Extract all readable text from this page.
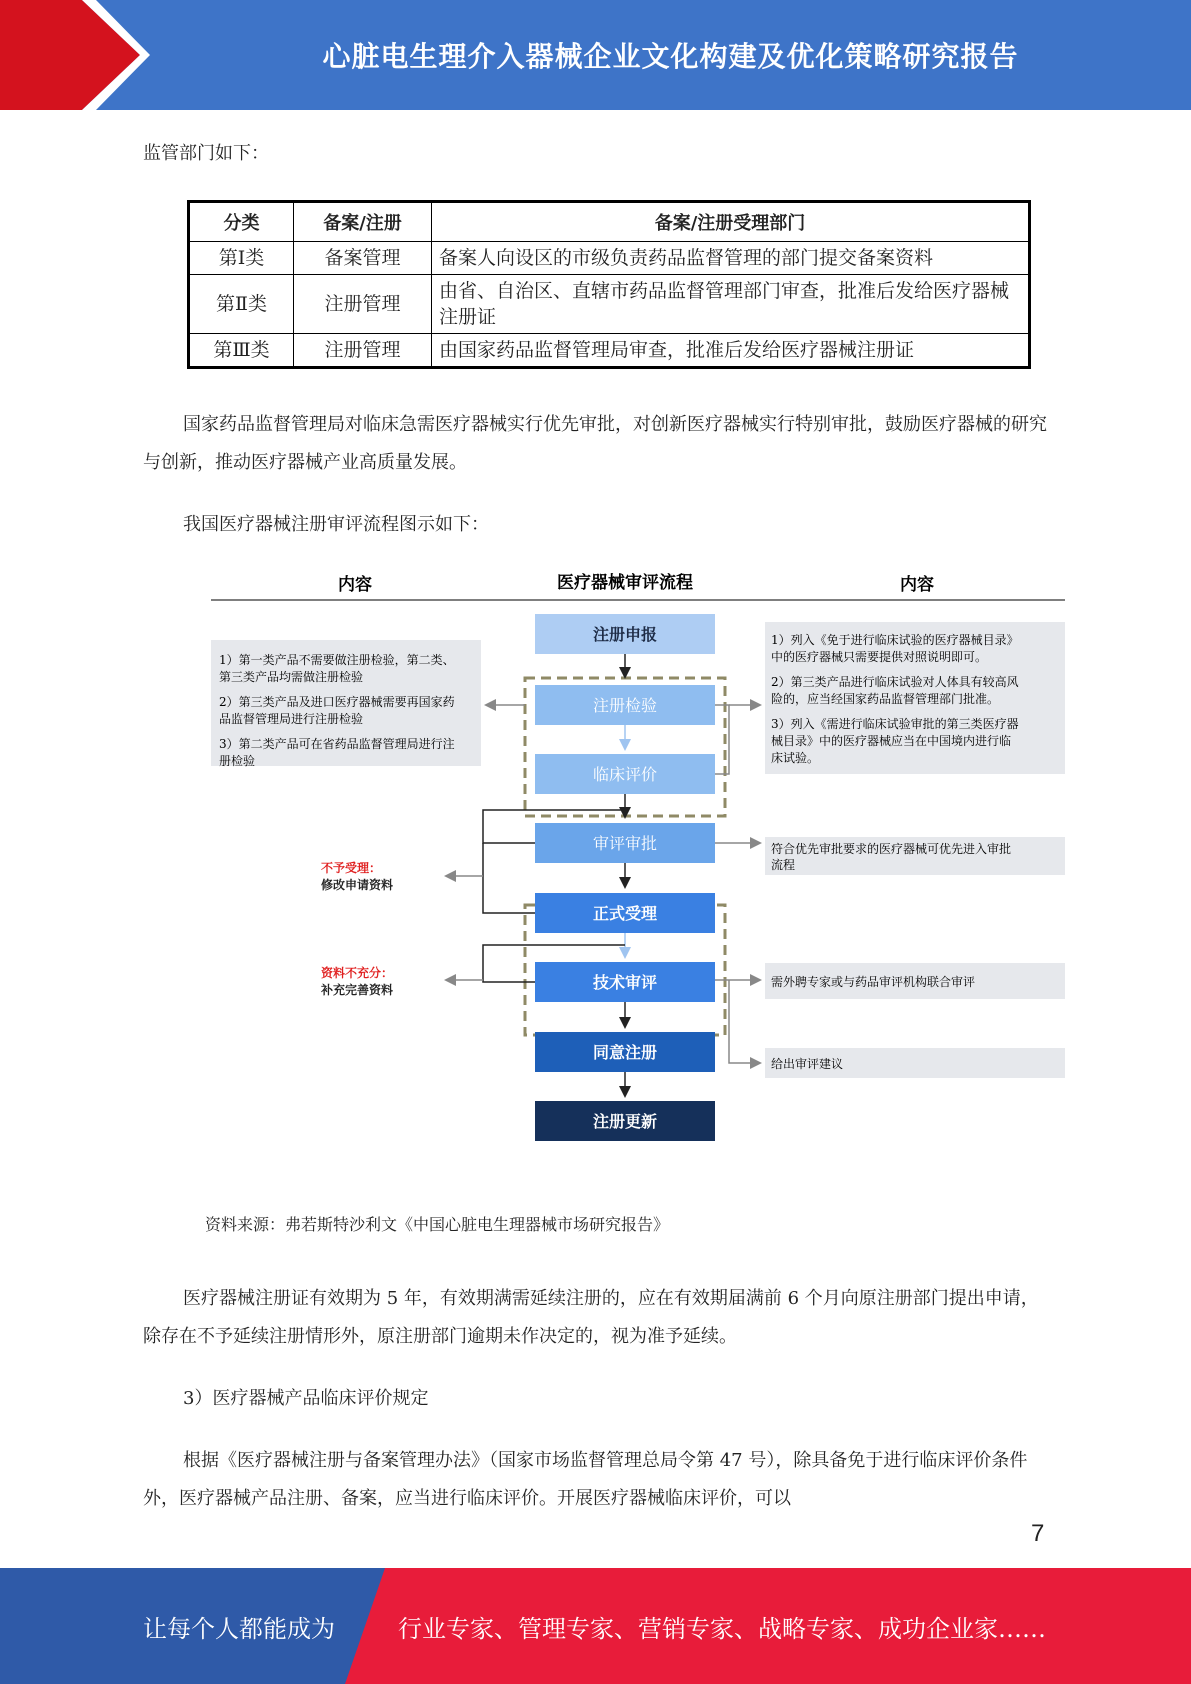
心脏电生理介入器械企业文化构建及优化策略研究报告

监管部门如下：

分类	备案/注册	备案/注册受理部门
第Ⅰ类	备案管理	备案人向设区的市级负责药品监督管理的部门提交备案资料
第Ⅱ类	注册管理	由省、自治区、直辖市药品监督管理部门审查，批准后发给医疗器械注册证
第Ⅲ类	注册管理	由国家药品监督管理局审查，批准后发给医疗器械注册证

国家药品监督管理局对临床急需医疗器械实行优先审批，对创新医疗器械实行特别审批，鼓励医疗器械的研究与创新，推动医疗器械产业高质量发展。

我国医疗器械注册审评流程图示如下：

内容	医疗器械审评流程	内容
注册申报
注册检验
临床评价
审评审批
正式受理
技术审评
同意注册
注册更新
1）第一类产品不需要做注册检验，第二类、
第三类产品均需做注册检验
2）第三类产品及进口医疗器械需要再国家药
品监督管理局进行注册检验
3）第二类产品可在省药品监督管理局进行注
册检验
1）列入《免于进行临床试验的医疗器械目录》
中的医疗器械只需要提供对照说明即可。
2）第三类产品进行临床试验对人体具有较高风
险的，应当经国家药品监督管理部门批准。
3）列入《需进行临床试验审批的第三类医疗器
械目录》中的医疗器械应当在中国境内进行临
床试验。
符合优先审批要求的医疗器械可优先进入审批
流程
需外聘专家或与药品审评机构联合审评
给出审评建议
不予受理：
修改申请资料
资料不充分：
补充完善资料
资料来源：弗若斯特沙利文《中国心脏电生理器械市场研究报告》

医疗器械注册证有效期为 5 年，有效期满需延续注册的，应在有效期届满前 6 个月向原注册部门提出申请，除存在不予延续注册情形外，原注册部门逾期未作决定的，视为准予延续。

3）医疗器械产品临床评价规定

根据《医疗器械注册与备案管理办法》（国家市场监督管理总局令第 47 号），除具备免于进行临床评价条件外，医疗器械产品注册、备案，应当进行临床评价。开展医疗器械临床评价，可以

7
让每个人都能成为	行业专家、管理专家、营销专家、战略专家、成功企业家……
